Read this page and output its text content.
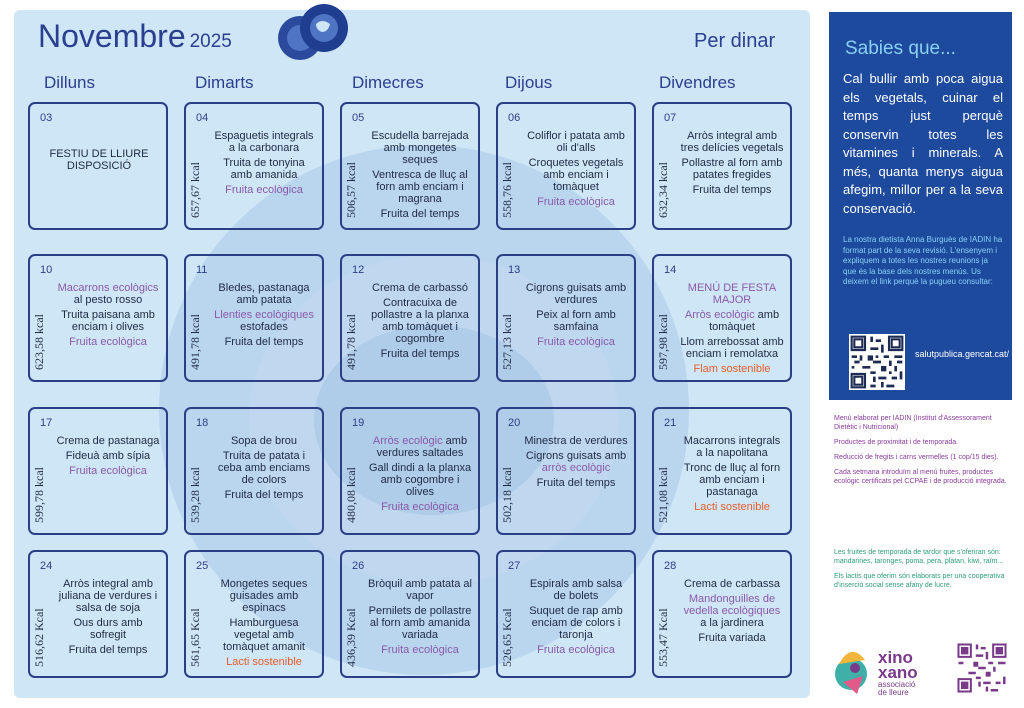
Novembre 2025	Per dinar
Dilluns	Dimarts	Dimecres	Dijous	Divendres
03
FESTIU DE LLIURE DISPOSICIÓ
04
657,67 kcal
Espaguetis integrals a la carbonara
Truita de tonyina amb amanida
Fruita ecològica
05
506,57 kcal
Escudella barrejada amb mongetes seques
Ventresca de lluç al forn amb enciam i magrana
Fruita del temps
06
558,76 kcal
Coliflor i patata amb oli d'alls
Croquetes vegetals amb enciam i tomàquet
Fruita ecològica
07
632,34 kcal
Arròs integral amb tres delícies vegetals
Pollastre al forn amb patates fregides
Fruita del temps
10
623,58 kcal
Macarrons ecològics al pesto rosso
Truita paisana amb enciam i olives
Fruita ecològica
11
491,78 kcal
Bledes, pastanaga amb patata
Llenties ecològiques estofades
Fruita del temps
12
491,78 kcal
Crema de carbassó
Contracuixa de pollastre a la planxa amb tomàquet i cogombre
Fruita del temps
13
527,13 kcal
Cigrons guisats amb verdures
Peix al forn amb samfaina
Fruita ecològica
14
597,98 kcal
MENÚ DE FESTA MAJOR
Arròs ecològic amb tomàquet
Llom arrebossat amb enciam i remolatxa
Flam sostenible
17
599,78 kcal
Crema de pastanaga
Fideuà amb sípia
Fruita ecològica
18
539,28 kcal
Sopa de brou
Truita de patata i ceba amb enciams de colors
Fruita del temps
19
480,08 kcal
Arròs ecològic amb verdures saltades
Gall dindi a la planxa amb cogombre i olives
Fruita ecològica
20
502,18 kcal
Minestra de verdures
Cigrons guisats amb arròs ecològic
Fruita del temps
21
521,08 kcal
Macarrons integrals a la napolitana
Tronc de lluç al forn amb enciam i pastanaga
Lacti sostenible
24
516,62 Kcal
Arròs integral amb juliana de verdures i salsa de soja
Ous durs amb sofregit
Fruita del temps
25
561,65 Kcal
Mongetes seques guisades amb espinacs
Hamburguesa vegetal amb tomàquet amanit
Lacti sostenible
26
436,39 Kcal
Bròquil amb patata al vapor
Pernilets de pollastre al forn amb amanida variada
Fruita ecològica
27
526,65 Kcal
Espirals amb salsa de bolets
Suquet de rap amb enciam de colors i taronja
Fruita ecològica
28
553,47 Kcal
Crema de carbassa
Mandonguilles de vedella ecològiques a la jardinera
Fruita variada
Sabies que...
Cal bullir amb poca aigua els vegetals, cuinar el temps just perquè conservin totes les vitamines i minerals. A més, quanta menys aigua afegim, millor per a la seva conservació.
La nostra dietista Anna Burguès de IADIN ha format part de la seva revisió. L'ensenyem i expliquem a totes les nostres reunions ja que és la base dels nostres menús. Us deixem el link perquè la pugueu consultar:
salutpublica.gencat.cat/

Menú elaborat per IADIN (Institut d'Assessorament Dietètic i Nutricional)

Productes de proximitat i de temporada.

Reducció de fregits i carns vermelles (1 cop/15 dies).

Cada setmana introduïm al menú fruites, productes ecològic certificats pel CCPAE i de producció integrada.

Les fruites de temporada de tardor que s'oferiran són: mandarines, taronges, poma, pera, plàtan, kiwi, raïm...

Els lactis que oferim són elaborats per una cooperativa d'inserció social sense afany de lucre.

xino
xano
associació
de lleure
